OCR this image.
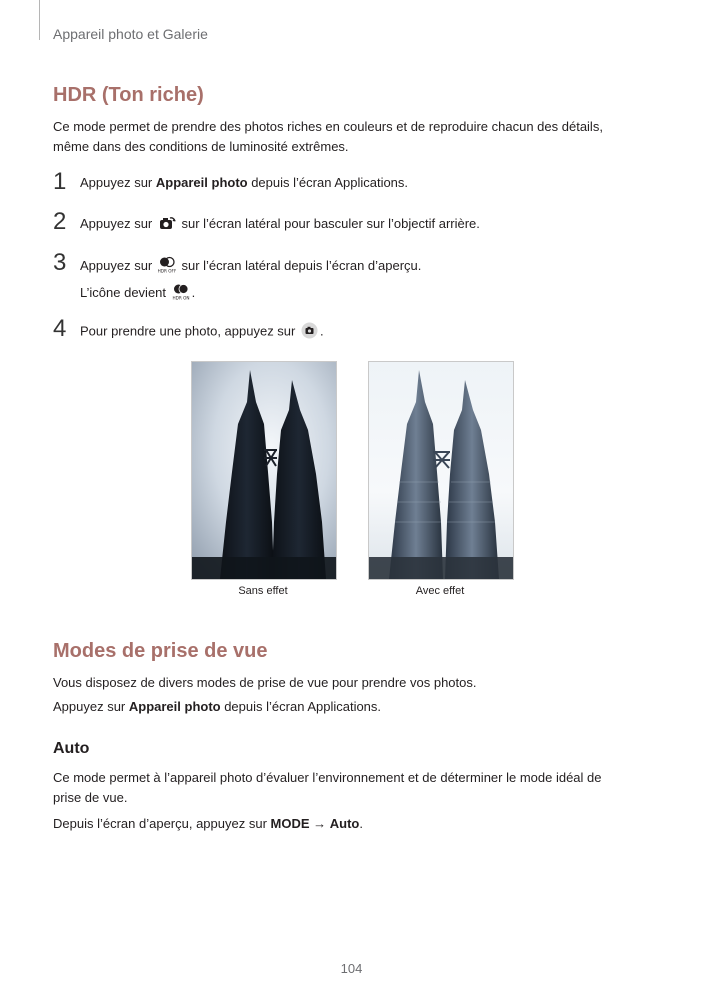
Appareil photo et Galerie
HDR (Ton riche)
Ce mode permet de prendre des photos riches en couleurs et de reproduire chacun des détails,
même dans des conditions de luminosité extrêmes.
1 Appuyez sur Appareil photo depuis l’écran Applications.
2 Appuyez sur  sur l’écran latéral pour basculer sur l’objectif arrière.
3 Appuyez sur HDR OFF sur l’écran latéral depuis l’écran d’aperçu.
L’icône devient HDR ON .
4 Pour prendre une photo, appuyez sur .
Sans effet	Avec effet
Modes de prise de vue
Vous disposez de divers modes de prise de vue pour prendre vos photos.
Appuyez sur Appareil photo depuis l’écran Applications.
Auto
Ce mode permet à l’appareil photo d’évaluer l’environnement et de déterminer le mode idéal de
prise de vue.
Depuis l’écran d’aperçu, appuyez sur MODE → Auto.
104
